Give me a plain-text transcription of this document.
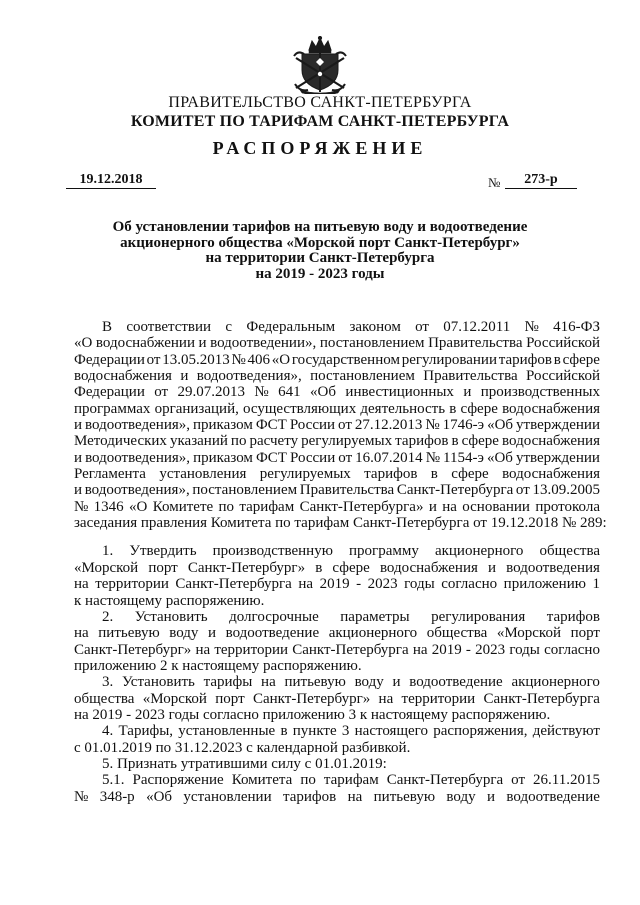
ПРАВИТЕЛЬСТВО САНКТ-ПЕТЕРБУРГА
КОМИТЕТ ПО ТАРИФАМ САНКТ-ПЕТЕРБУРГА
РАСПОРЯЖЕНИЕ
19.12.2018	№	273-р
Об установлении тарифов на питьевую воду и водоотведение
акционерного общества «Морской порт Санкт-Петербург»
на территории Санкт-Петербурга
на 2019 - 2023 годы
В соответствии с Федеральным законом от 07.12.2011 № 416-ФЗ
«О водоснабжении и водоотведении», постановлением Правительства Российской
Федерации от 13.05.2013 № 406 «О государственном регулировании тарифов в сфере
водоснабжения и водоотведения», постановлением Правительства Российской
Федерации от 29.07.2013 № 641 «Об инвестиционных и производственных
программах организаций, осуществляющих деятельность в сфере водоснабжения
и водоотведения», приказом ФСТ России от 27.12.2013 № 1746-э «Об утверждении
Методических указаний по расчету регулируемых тарифов в сфере водоснабжения
и водоотведения», приказом ФСТ России от 16.07.2014 № 1154-э «Об утверждении
Регламента установления регулируемых тарифов в сфере водоснабжения
и водоотведения», постановлением Правительства Санкт-Петербурга от 13.09.2005
№ 1346 «О Комитете по тарифам Санкт-Петербурга» и на основании протокола
заседания правления Комитета по тарифам Санкт-Петербурга от 19.12.2018 № 289:
1. Утвердить производственную программу акционерного общества
«Морской порт Санкт-Петербург» в сфере водоснабжения и водоотведения
на территории Санкт-Петербурга на 2019 - 2023 годы согласно приложению 1
к настоящему распоряжению.
2. Установить долгосрочные параметры регулирования тарифов
на питьевую воду и водоотведение акционерного общества «Морской порт
Санкт-Петербург» на территории Санкт-Петербурга на 2019 - 2023 годы согласно
приложению 2 к настоящему распоряжению.
3. Установить тарифы на питьевую воду и водоотведение акционерного
общества «Морской порт Санкт-Петербург» на территории Санкт-Петербурга
на 2019 - 2023 годы согласно приложению 3 к настоящему распоряжению.
4. Тарифы, установленные в пункте 3 настоящего распоряжения, действуют
с 01.01.2019 по 31.12.2023 с календарной разбивкой.
5. Признать утратившими силу с 01.01.2019:
5.1. Распоряжение Комитета по тарифам Санкт-Петербурга от 26.11.2015
№ 348-р «Об установлении тарифов на питьевую воду и водоотведение
